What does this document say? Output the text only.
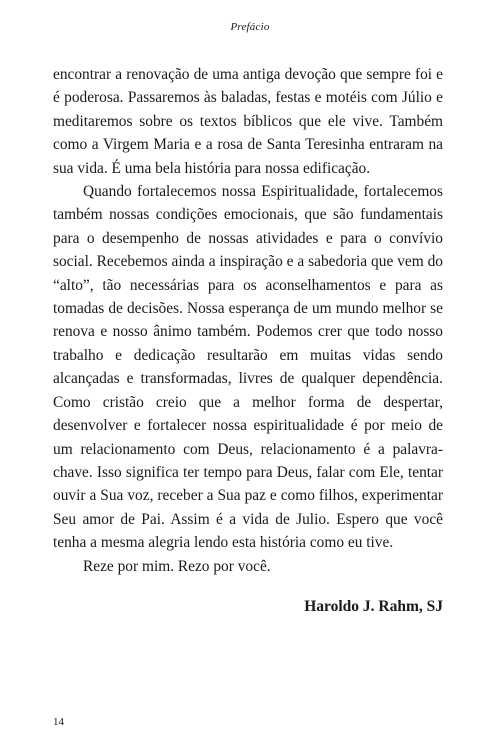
Prefácio

encontrar a renovação de uma antiga devoção que sempre foi e é poderosa. Passaremos às baladas, festas e motéis com Júlio e meditaremos sobre os textos bíblicos que ele vive. Também como a Virgem Maria e a rosa de Santa Teresinha entraram na sua vida. É uma bela história para nossa edificação.

Quando fortalecemos nossa Espiritualidade, fortalecemos também nossas condições emocionais, que são fundamentais para o desempenho de nossas atividades e para o convívio social. Recebemos ainda a inspiração e a sabedoria que vem do “alto”, tão necessárias para os aconselhamentos e para as tomadas de decisões. Nossa esperança de um mundo melhor se renova e nosso ânimo também. Podemos crer que todo nosso trabalho e dedicação resultarão em muitas vidas sendo alcançadas e transformadas, livres de qualquer dependência. Como cristão creio que a melhor forma de despertar, desenvolver e fortalecer nossa espiritualidade é por meio de um relacionamento com Deus, relacionamento é a palavra-chave. Isso significa ter tempo para Deus, falar com Ele, tentar ouvir a Sua voz, receber a Sua paz e como filhos, experimentar Seu amor de Pai. Assim é a vida de Julio. Espero que você tenha a mesma alegria lendo esta história como eu tive.

Reze por mim. Rezo por você.

Haroldo J. Rahm, SJ
14
